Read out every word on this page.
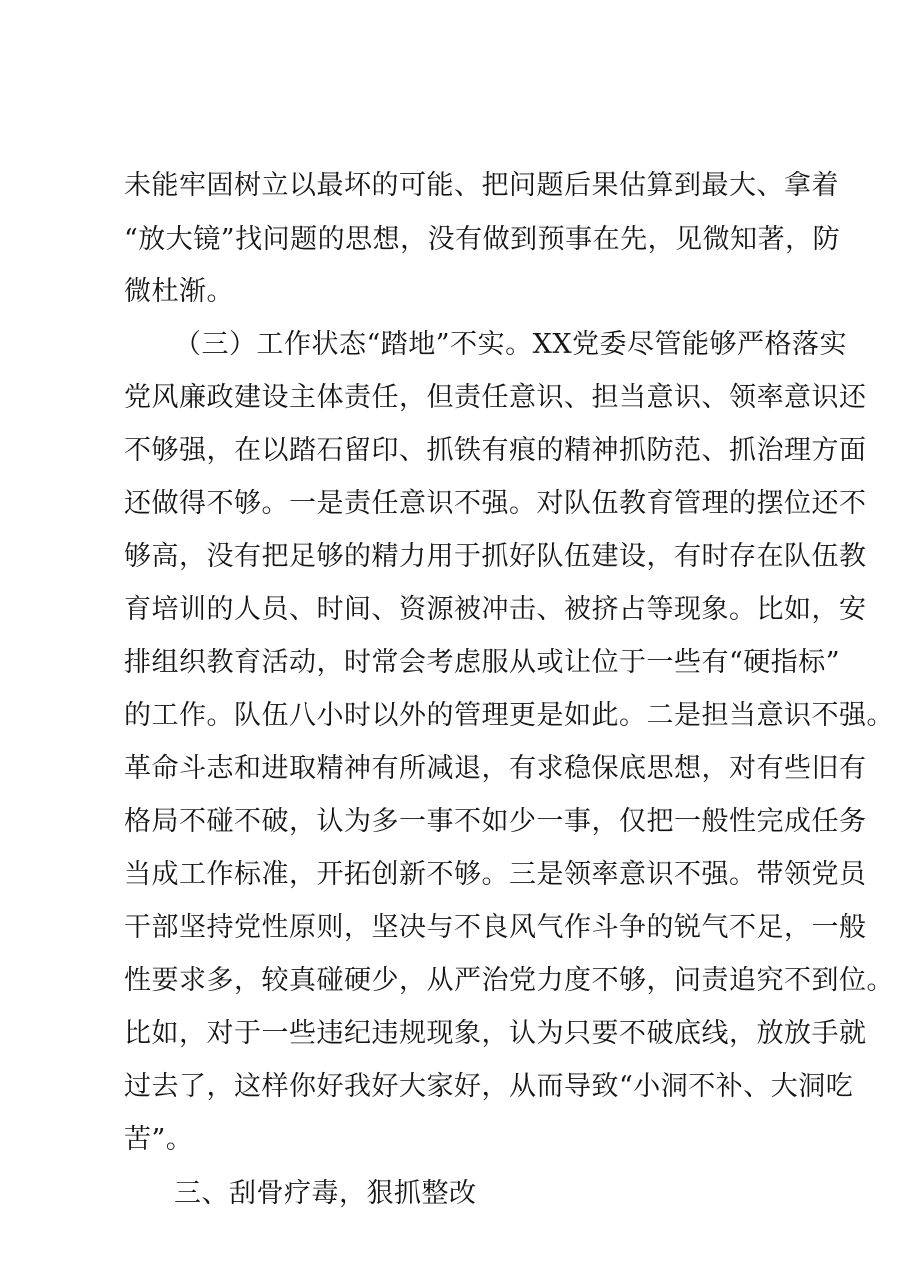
未能牢固树立以最坏的可能、把问题后果估算到最大、拿着
“放大镜”找问题的思想，没有做到预事在先，见微知著，防
微杜渐。
（三）工作状态“踏地”不实。XX党委尽管能够严格落实
党风廉政建设主体责任，但责任意识、担当意识、领率意识还
不够强，在以踏石留印、抓铁有痕的精神抓防范、抓治理方面
还做得不够。一是责任意识不强。对队伍教育管理的摆位还不
够高，没有把足够的精力用于抓好队伍建设，有时存在队伍教
育培训的人员、时间、资源被冲击、被挤占等现象。比如，安
排组织教育活动，时常会考虑服从或让位于一些有“硬指标”
的工作。队伍八小时以外的管理更是如此。二是担当意识不强。
革命斗志和进取精神有所减退，有求稳保底思想，对有些旧有
格局不碰不破，认为多一事不如少一事，仅把一般性完成任务
当成工作标准，开拓创新不够。三是领率意识不强。带领党员
干部坚持党性原则，坚决与不良风气作斗争的锐气不足，一般
性要求多，较真碰硬少，从严治党力度不够，问责追究不到位。
比如，对于一些违纪违规现象，认为只要不破底线，放放手就
过去了，这样你好我好大家好，从而导致“小洞不补、大洞吃
苦”。
三、刮骨疗毒，狠抓整改
